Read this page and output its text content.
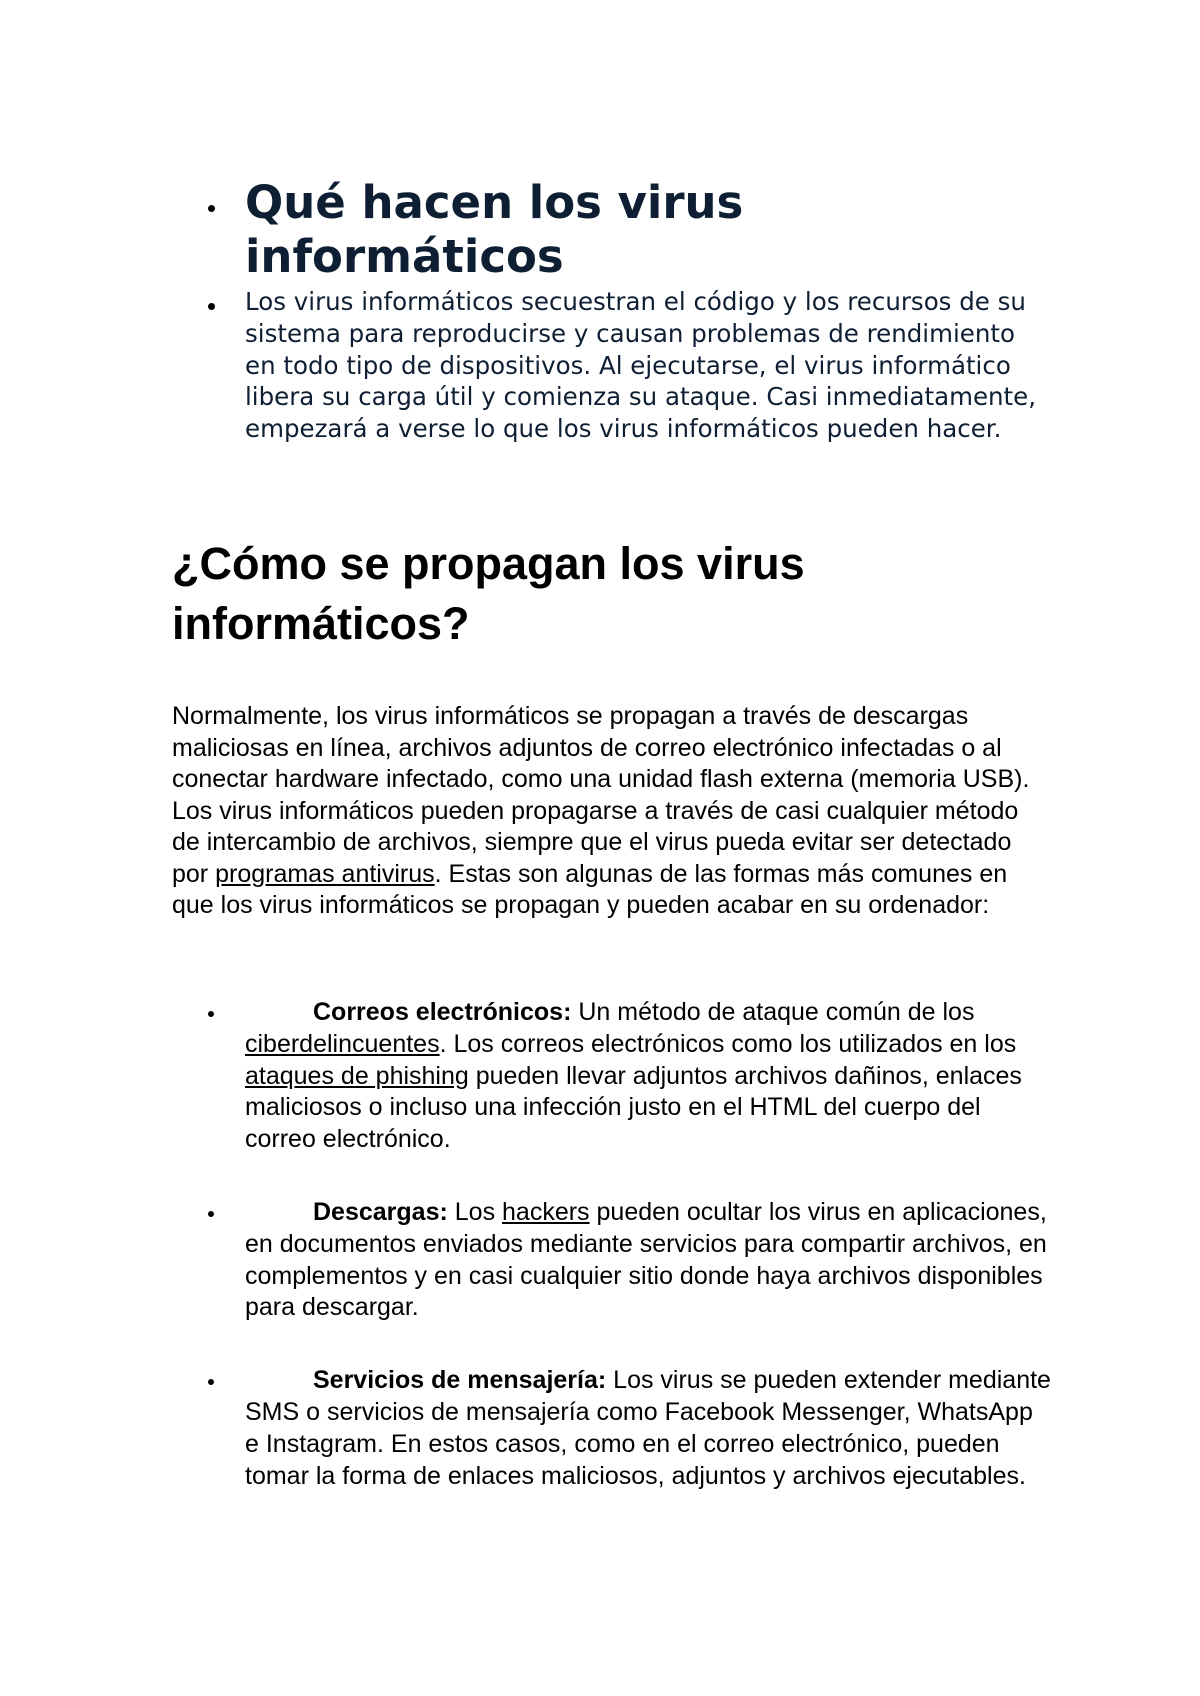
Qué hacen los virus informáticos

Los virus informáticos secuestran el código y los recursos de su sistema para reproducirse y causan problemas de rendimiento en todo tipo de dispositivos. Al ejecutarse, el virus informático libera su carga útil y comienza su ataque. Casi inmediatamente, empezará a verse lo que los virus informáticos pueden hacer.

¿Cómo se propagan los virus informáticos?

Normalmente, los virus informáticos se propagan a través de descargas maliciosas en línea, archivos adjuntos de correo electrónico infectadas o al conectar hardware infectado, como una unidad flash externa (memoria USB). Los virus informáticos pueden propagarse a través de casi cualquier método de intercambio de archivos, siempre que el virus pueda evitar ser detectado por programas antivirus. Estas son algunas de las formas más comunes en que los virus informáticos se propagan y pueden acabar en su ordenador:

Correos electrónicos: Un método de ataque común de los ciberdelincuentes. Los correos electrónicos como los utilizados en los ataques de phishing pueden llevar adjuntos archivos dañinos, enlaces maliciosos o incluso una infección justo en el HTML del cuerpo del correo electrónico.
Descargas: Los hackers pueden ocultar los virus en aplicaciones, en documentos enviados mediante servicios para compartir archivos, en complementos y en casi cualquier sitio donde haya archivos disponibles para descargar.
Servicios de mensajería: Los virus se pueden extender mediante SMS o servicios de mensajería como Facebook Messenger, WhatsApp e Instagram. En estos casos, como en el correo electrónico, pueden tomar la forma de enlaces maliciosos, adjuntos y archivos ejecutables.
